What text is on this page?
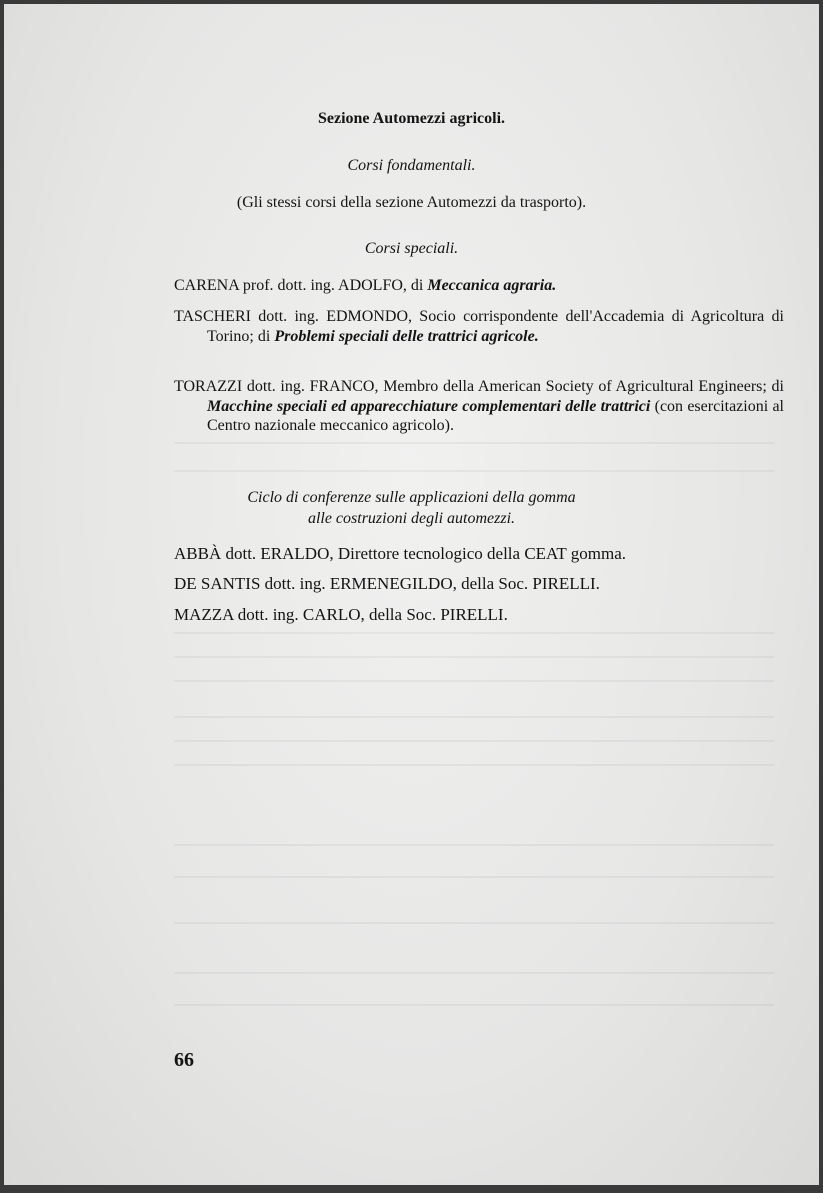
Sezione Automezzi agricoli.
Corsi fondamentali.
(Gli stessi corsi della sezione Automezzi da trasporto).
Corsi speciali.
CARENA prof. dott. ing. ADOLFO, di Meccanica agraria.
TASCHERI dott. ing. EDMONDO, Socio corrispondente dell'Accademia di Agricoltura di Torino; di Problemi speciali delle trattrici agricole.
TORAZZI dott. ing. FRANCO, Membro della American Society of Agricultural Engineers; di Macchine speciali ed apparecchiature complementari delle trattrici (con esercitazioni al Centro nazionale meccanico agricolo).
Ciclo di conferenze sulle applicazioni della gomma
alle costruzioni degli automezzi.
ABBÀ dott. ERALDO, Direttore tecnologico della CEAT gomma.
DE SANTIS dott. ing. ERMENEGILDO, della Soc. PIRELLI.
MAZZA dott. ing. CARLO, della Soc. PIRELLI.
66
